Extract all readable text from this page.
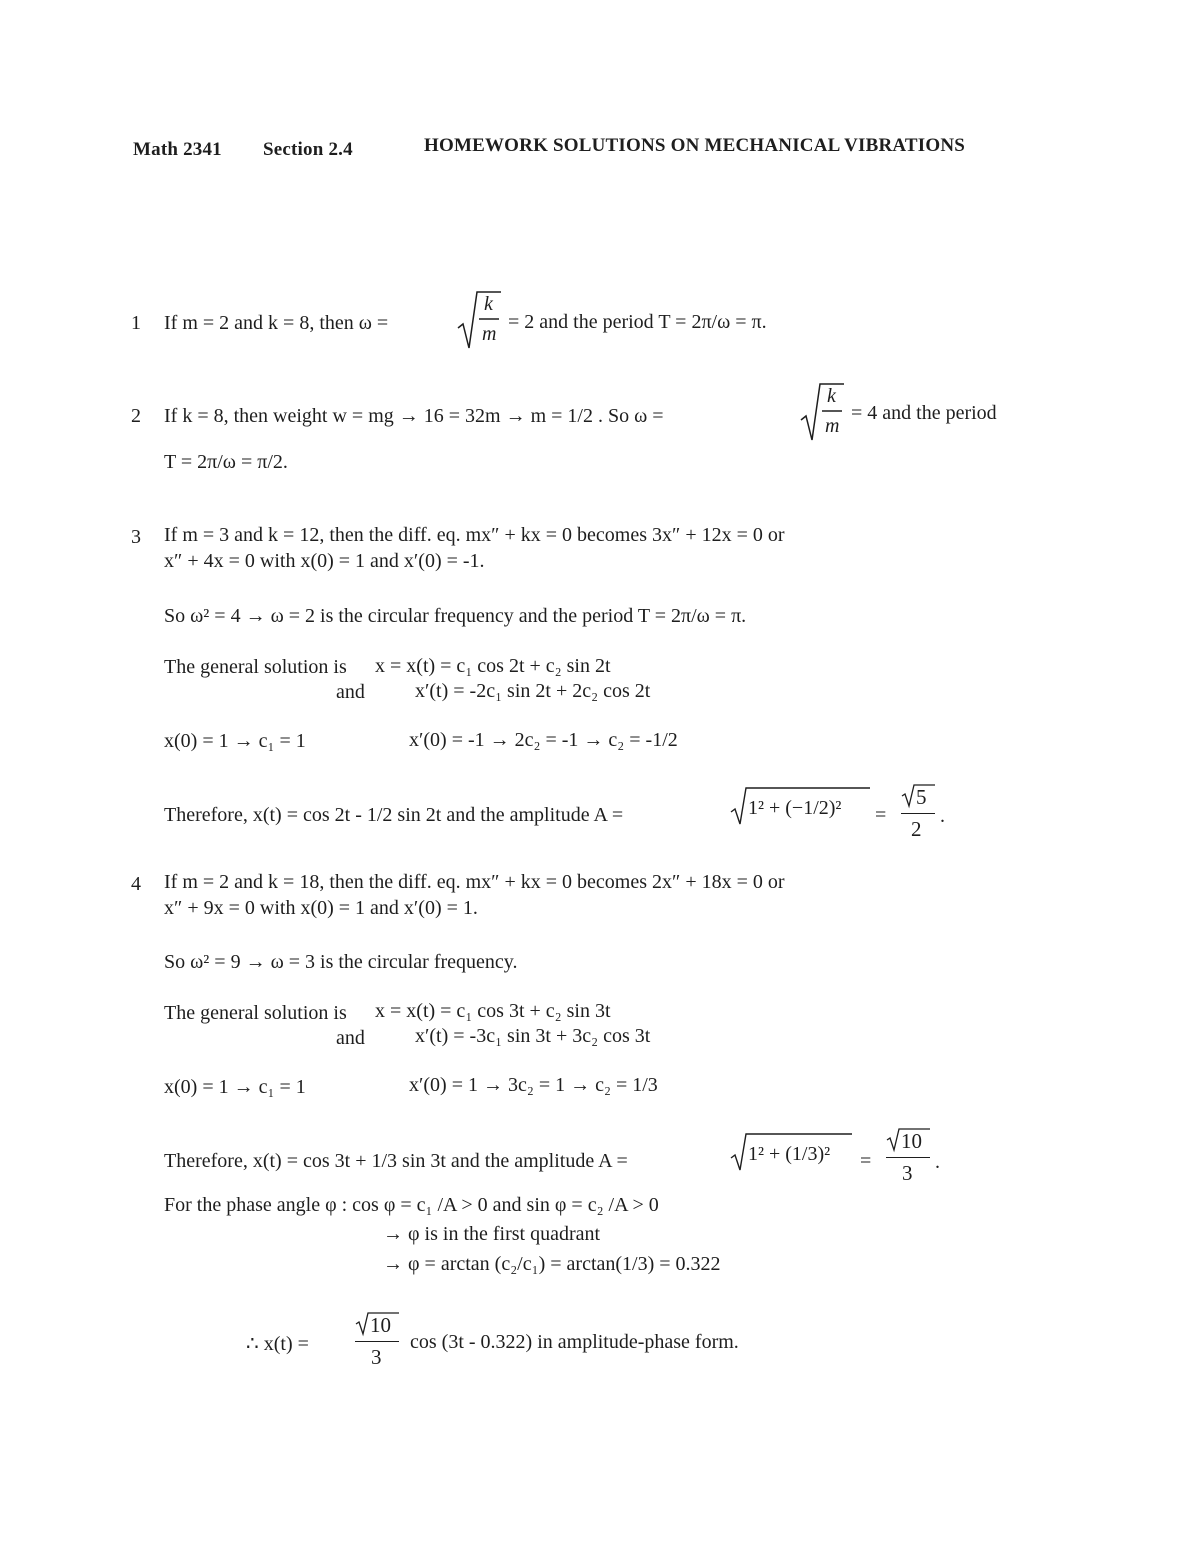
Math 2341 Section 2.4	HOMEWORK SOLUTIONS ON MECHANICAL VIBRATIONS
1 If m = 2 and k = 8, then ω =
k
m
= 2 and the period T = 2π/ω = π.
2 If k = 8, then weight w = mg → 16 = 32m → m = 1/2 . So ω =
k
m
= 4 and the period
T = 2π/ω = π/2.
3 If m = 3 and k = 12, then the diff. eq. mx″ + kx = 0 becomes 3x″ + 12x = 0 or
x″ + 4x = 0 with x(0) = 1 and x′(0) = -1.
So ω² = 4 → ω = 2 is the circular frequency and the period T = 2π/ω = π.
The general solution is x = x(t) = c₁ cos 2t + c₂ sin 2t
and	x′(t) = -2c₁ sin 2t + 2c₂ cos 2t
x(0) = 1 → c₁ = 1	x′(0) = -1 → 2c₂ = -1 → c₂ = -1/2
Therefore, x(t) = cos 2t - 1/2 sin 2t and the amplitude A =	1² + (−1/2)² =
5
2
.
4 If m = 2 and k = 18, then the diff. eq. mx″ + kx = 0 becomes 2x″ + 18x = 0 or
x″ + 9x = 0 with x(0) = 1 and x′(0) = 1.
So ω² = 9 → ω = 3 is the circular frequency.
The general solution is x = x(t) = c₁ cos 3t + c₂ sin 3t
and	x′(t) = -3c₁ sin 3t + 3c₂ cos 3t
x(0) = 1 → c₁ = 1	x′(0) = 1 → 3c₂ = 1 → c₂ = 1/3
Therefore, x(t) = cos 3t + 1/3 sin 3t and the amplitude A =	1² + (1/3)² =
10
3 .
For the phase angle φ : cos φ = c₁ /A > 0 and sin φ = c₂ /A > 0
→ φ is in the first quadrant
→ φ = arctan (c₂/c₁) = arctan(1/3) = 0.322
∴ x(t) =
10
3
cos (3t - 0.322) in amplitude-phase form.
